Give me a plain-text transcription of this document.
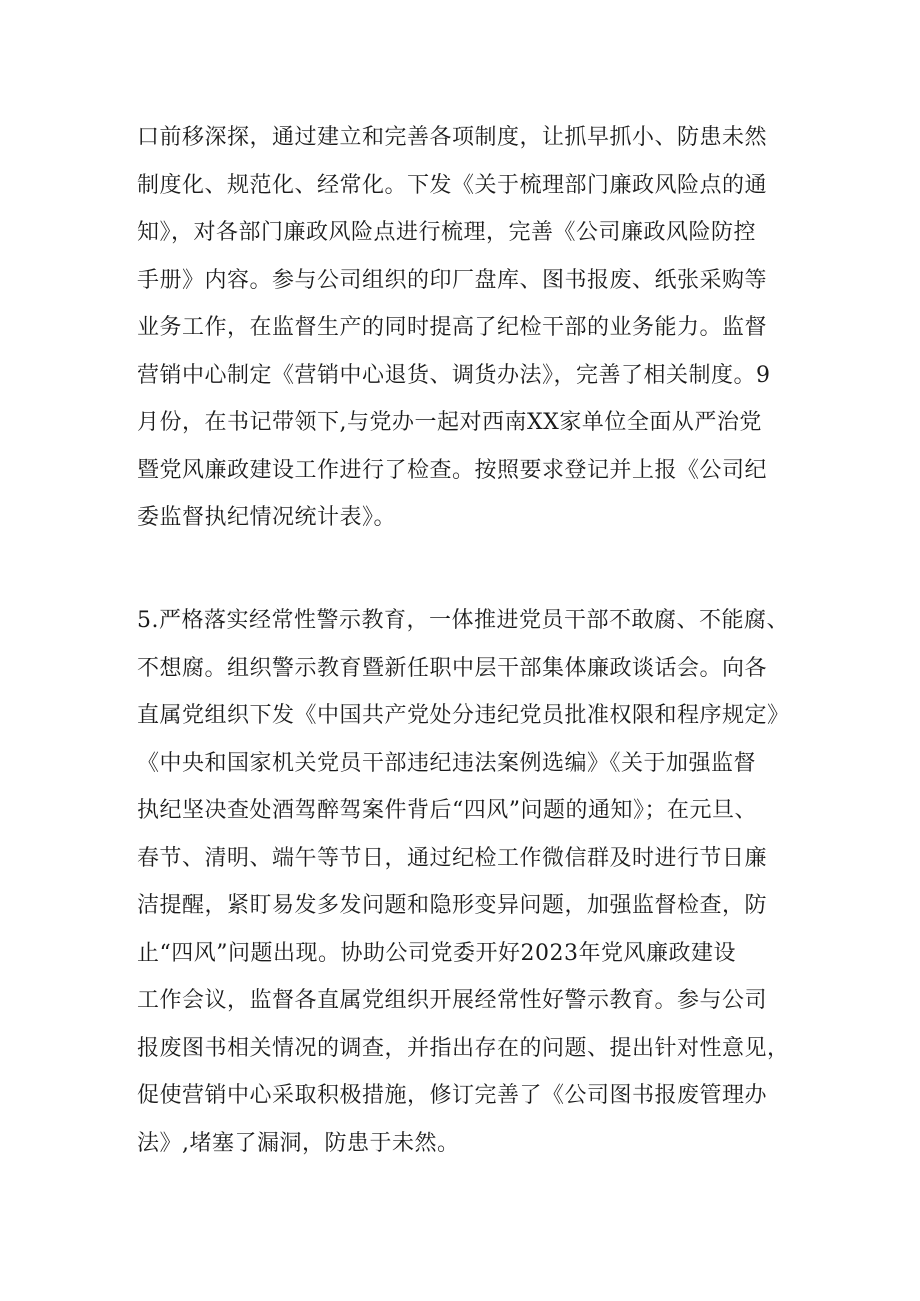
口前移深探，通过建立和完善各项制度，让抓早抓小、防患未然
制度化、规范化、经常化。下发《关于梳理部门廉政风险点的通
知》，对各部门廉政风险点进行梳理，完善《公司廉政风险防控
手册》内容。参与公司组织的印厂盘库、图书报废、纸张采购等
业务工作，在监督生产的同时提高了纪检干部的业务能力。监督
营销中心制定《营销中心退货、调货办法》，完善了相关制度。9
月份，在书记带领下,与党办一起对西南XX家单位全面从严治党
暨党风廉政建设工作进行了检查。按照要求登记并上报《公司纪
委监督执纪情况统计表》。
5.严格落实经常性警示教育，一体推进党员干部不敢腐、不能腐、
不想腐。组织警示教育暨新任职中层干部集体廉政谈话会。向各
直属党组织下发《中国共产党处分违纪党员批准权限和程序规定》
《中央和国家机关党员干部违纪违法案例选编》《关于加强监督
执纪坚决查处酒驾醉驾案件背后“四风”问题的通知》；在元旦、
春节、清明、端午等节日，通过纪检工作微信群及时进行节日廉
洁提醒，紧盯易发多发问题和隐形变异问题，加强监督检查，防
止“四风”问题出现。协助公司党委开好2023年党风廉政建设
工作会议，监督各直属党组织开展经常性好警示教育。参与公司
报废图书相关情况的调查，并指出存在的问题、提出针对性意见，
促使营销中心采取积极措施，修订完善了《公司图书报废管理办
法》,堵塞了漏洞，防患于未然。
